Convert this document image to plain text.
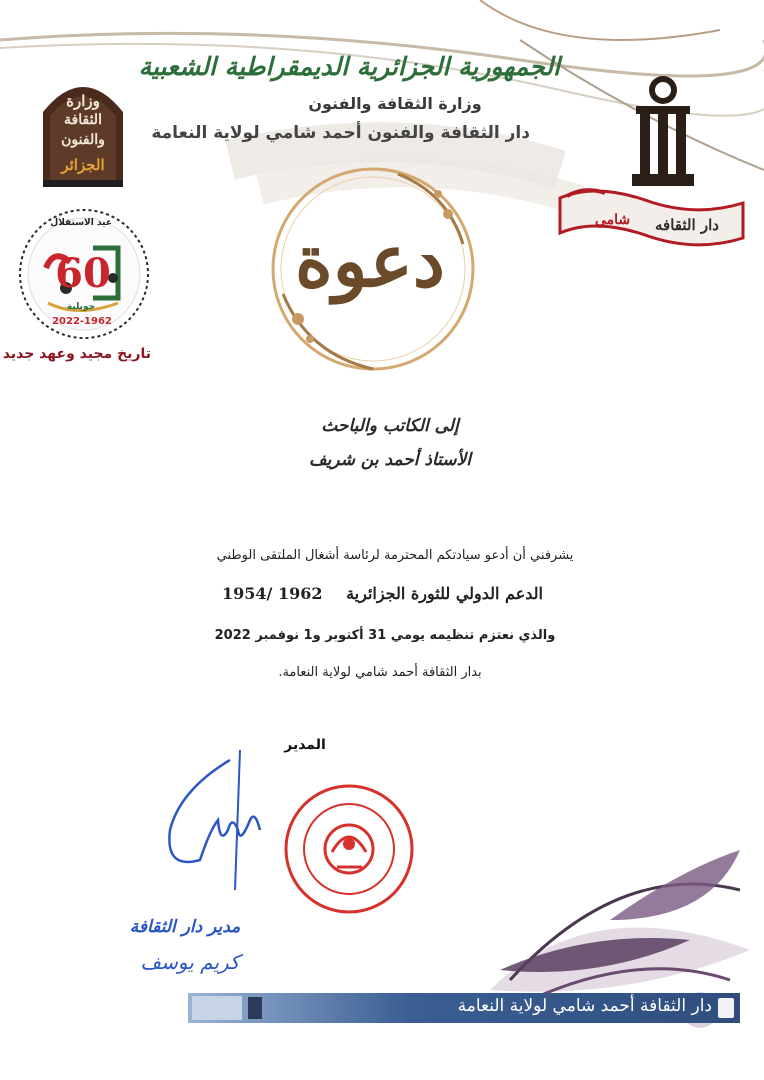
وزارة
الثقافة
والفنون
الجزائر
الجمهورية الجزائرية الديمقراطية الشعبية
وزارة الثقافة والفنون
دار الثقافة والفنون أحمد شامي لولاية النعامة
دار الثقافه
شامي
عيد الاستقلال
60
جويلية
2022-1962
تاريخ مجيد وعهد جديد
دعوة
إلى الكاتب والباحث
الأستاذ أحمد بن شريف
يشرفني أن أدعو سيادتكم المحترمة لرئاسة أشغال الملتقى الوطني
الدعم الدولي للثورة الجزائرية 1954/ 1962
والذي نعتزم تنظيمه يومي 31 أكتوبر و1 نوفمبر 2022
بدار الثقافة أحمد شامي لولاية النعامة.
المدير
مدير دار الثقافة
كريم يوسف
دار الثقافة أحمد شامي لولاية النعامة
